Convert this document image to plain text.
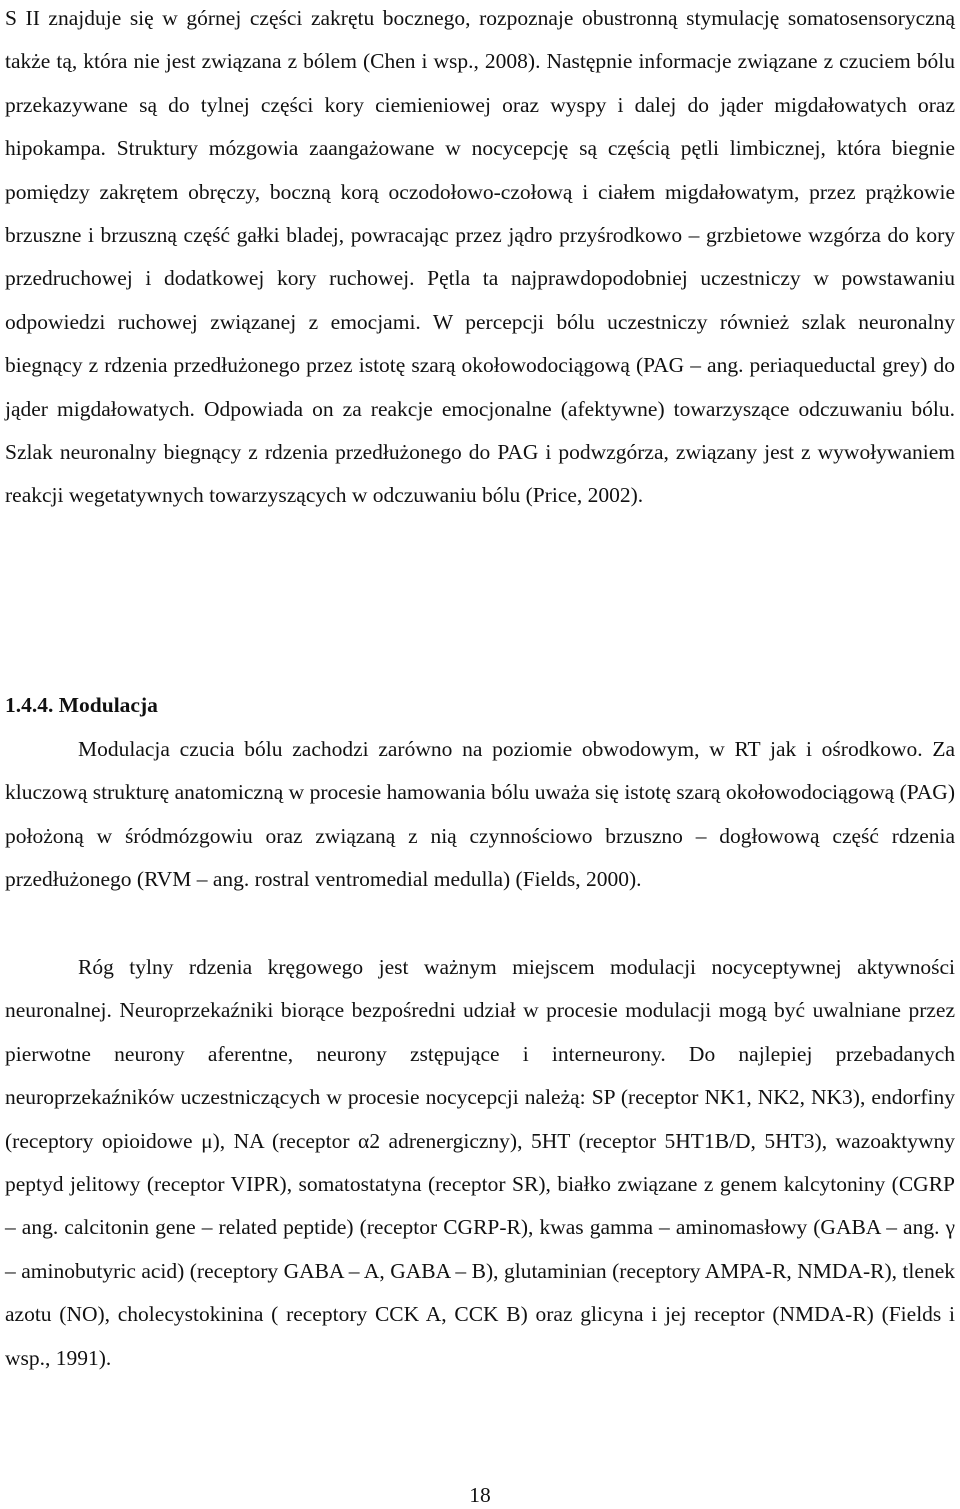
S II znajduje się w górnej części zakrętu bocznego, rozpoznaje obustronną stymulację somatosensoryczną także tą, która nie jest związana z bólem (Chen i wsp., 2008). Następnie informacje związane z czuciem bólu przekazywane są do tylnej części kory ciemieniowej oraz wyspy i dalej do jąder migdałowatych oraz hipokampa. Struktury mózgowia zaangażowane w nocycepcję są częścią pętli limbicznej, która biegnie pomiędzy zakrętem obręczy, boczną korą oczodołowo-czołową i ciałem migdałowatym, przez prążkowie brzuszne i brzuszną część gałki bladej, powracając przez jądro przyśrodkowo – grzbietowe wzgórza do kory przedruchowej i dodatkowej kory ruchowej. Pętla ta najprawdopodobniej uczestniczy w powstawaniu odpowiedzi ruchowej związanej z emocjami. W percepcji bólu uczestniczy również szlak neuronalny biegnący z rdzenia przedłużonego przez istotę szarą okołowodociągową (PAG – ang. periaqueductal grey) do jąder migdałowatych. Odpowiada on za reakcje emocjonalne (afektywne) towarzyszące odczuwaniu bólu. Szlak neuronalny biegnący z rdzenia przedłużonego do PAG i podwzgórza, związany jest z wywoływaniem reakcji wegetatywnych towarzyszących w odczuwaniu bólu (Price, 2002).

1.4.4. Modulacja

Modulacja czucia bólu zachodzi zarówno na poziomie obwodowym, w RT jak i ośrodkowo. Za kluczową strukturę anatomiczną w procesie hamowania bólu uważa się istotę szarą okołowodociągową (PAG) położoną w śródmózgowiu oraz związaną z nią czynnościowo brzuszno – dogłowową część rdzenia przedłużonego (RVM – ang. rostral ventromedial medulla) (Fields, 2000).

Róg tylny rdzenia kręgowego jest ważnym miejscem modulacji nocyceptywnej aktywności neuronalnej. Neuroprzekaźniki biorące bezpośredni udział w procesie modulacji mogą być uwalniane przez pierwotne neurony aferentne, neurony zstępujące i interneurony. Do najlepiej przebadanych neuroprzekaźników uczestniczących w procesie nocycepcji należą: SP (receptor NK1, NK2, NK3), endorfiny (receptory opioidowe μ), NA (receptor α2 adrenergiczny), 5HT (receptor 5HT1B/D, 5HT3), wazoaktywny peptyd jelitowy (receptor VIPR), somatostatyna (receptor SR), białko związane z genem kalcytoniny (CGRP – ang. calcitonin gene – related peptide) (receptor CGRP-R), kwas gamma – aminomasłowy (GABA – ang. γ – aminobutyric acid) (receptory GABA – A, GABA – B), glutaminian (receptory AMPA-R, NMDA-R), tlenek azotu (NO), cholecystokinina ( receptory CCK A, CCK B) oraz glicyna i jej receptor (NMDA-R) (Fields i wsp., 1991).

18
